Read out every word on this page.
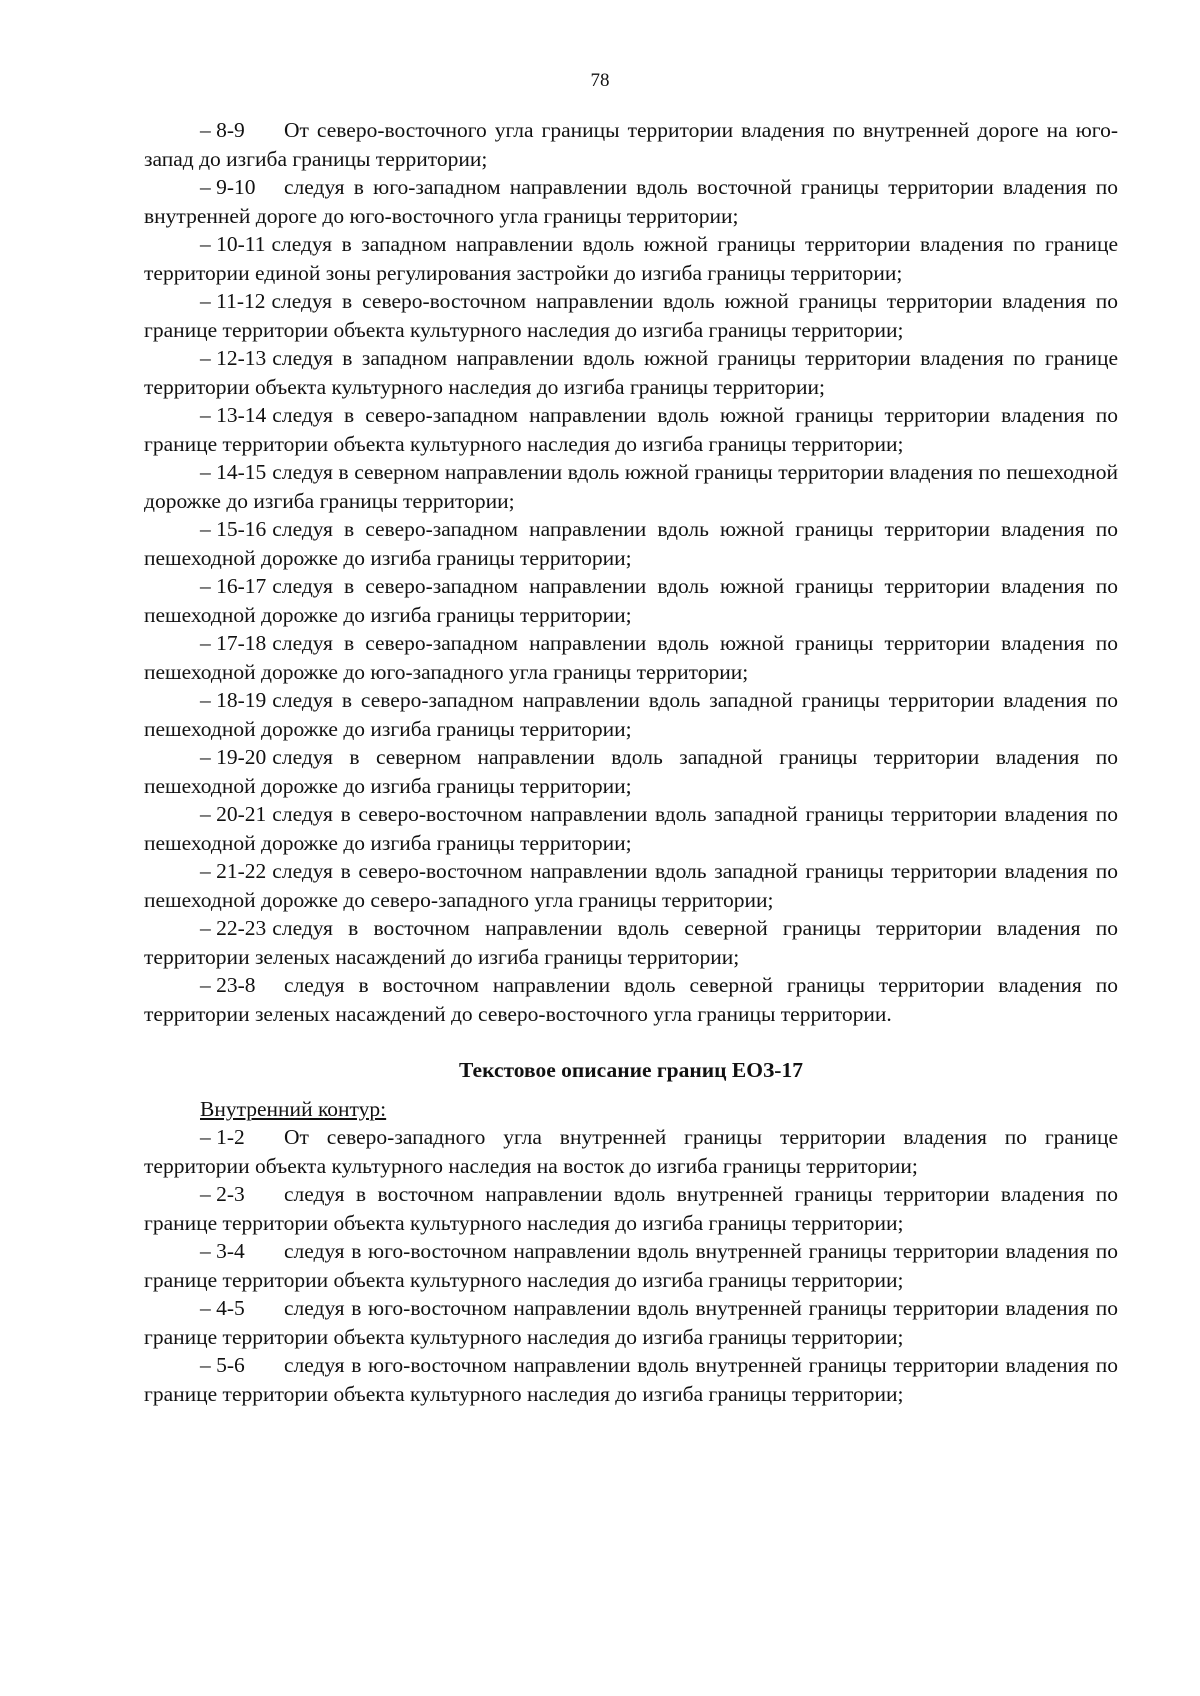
78

– 8-9 От северо-восточного угла границы территории владения по внутренней дороге на юго-запад до изгиба границы территории;

– 9-10 следуя в юго-западном направлении вдоль восточной границы территории владения по внутренней дороге до юго-восточного угла границы территории;

– 10-11 следуя в западном направлении вдоль южной границы территории владения по границе территории единой зоны регулирования застройки до изгиба границы территории;

– 11-12 следуя в северо-восточном направлении вдоль южной границы территории владения по границе территории объекта культурного наследия до изгиба границы территории;

– 12-13 следуя в западном направлении вдоль южной границы территории владения по границе территории объекта культурного наследия до изгиба границы территории;

– 13-14 следуя в северо-западном направлении вдоль южной границы территории владения по границе территории объекта культурного наследия до изгиба границы территории;

– 14-15 следуя в северном направлении вдоль южной границы территории владения по пешеходной дорожке до изгиба границы территории;

– 15-16 следуя в северо-западном направлении вдоль южной границы территории владения по пешеходной дорожке до изгиба границы территории;

– 16-17 следуя в северо-западном направлении вдоль южной границы территории владения по пешеходной дорожке до изгиба границы территории;

– 17-18 следуя в северо-западном направлении вдоль южной границы территории владения по пешеходной дорожке до юго-западного угла границы территории;

– 18-19 следуя в северо-западном направлении вдоль западной границы территории владения по пешеходной дорожке до изгиба границы территории;

– 19-20 следуя в северном направлении вдоль западной границы территории владения по пешеходной дорожке до изгиба границы территории;

– 20-21 следуя в северо-восточном направлении вдоль западной границы территории владения по пешеходной дорожке до изгиба границы территории;

– 21-22 следуя в северо-восточном направлении вдоль западной границы территории владения по пешеходной дорожке до северо-западного угла границы территории;

– 22-23 следуя в восточном направлении вдоль северной границы территории владения по территории зеленых насаждений до изгиба границы территории;

– 23-8 следуя в восточном направлении вдоль северной границы территории владения по территории зеленых насаждений до северо-восточного угла границы территории.

Текстовое описание границ ЕОЗ-17

Внутренний контур:

– 1-2 От северо-западного угла внутренней границы территории владения по границе территории объекта культурного наследия на восток до изгиба границы территории;

– 2-3 следуя в восточном направлении вдоль внутренней границы территории владения по границе территории объекта культурного наследия до изгиба границы территории;

– 3-4 следуя в юго-восточном направлении вдоль внутренней границы территории владения по границе территории объекта культурного наследия до изгиба границы территории;

– 4-5 следуя в юго-восточном направлении вдоль внутренней границы территории владения по границе территории объекта культурного наследия до изгиба границы территории;

– 5-6 следуя в юго-восточном направлении вдоль внутренней границы территории владения по границе территории объекта культурного наследия до изгиба границы территории;
